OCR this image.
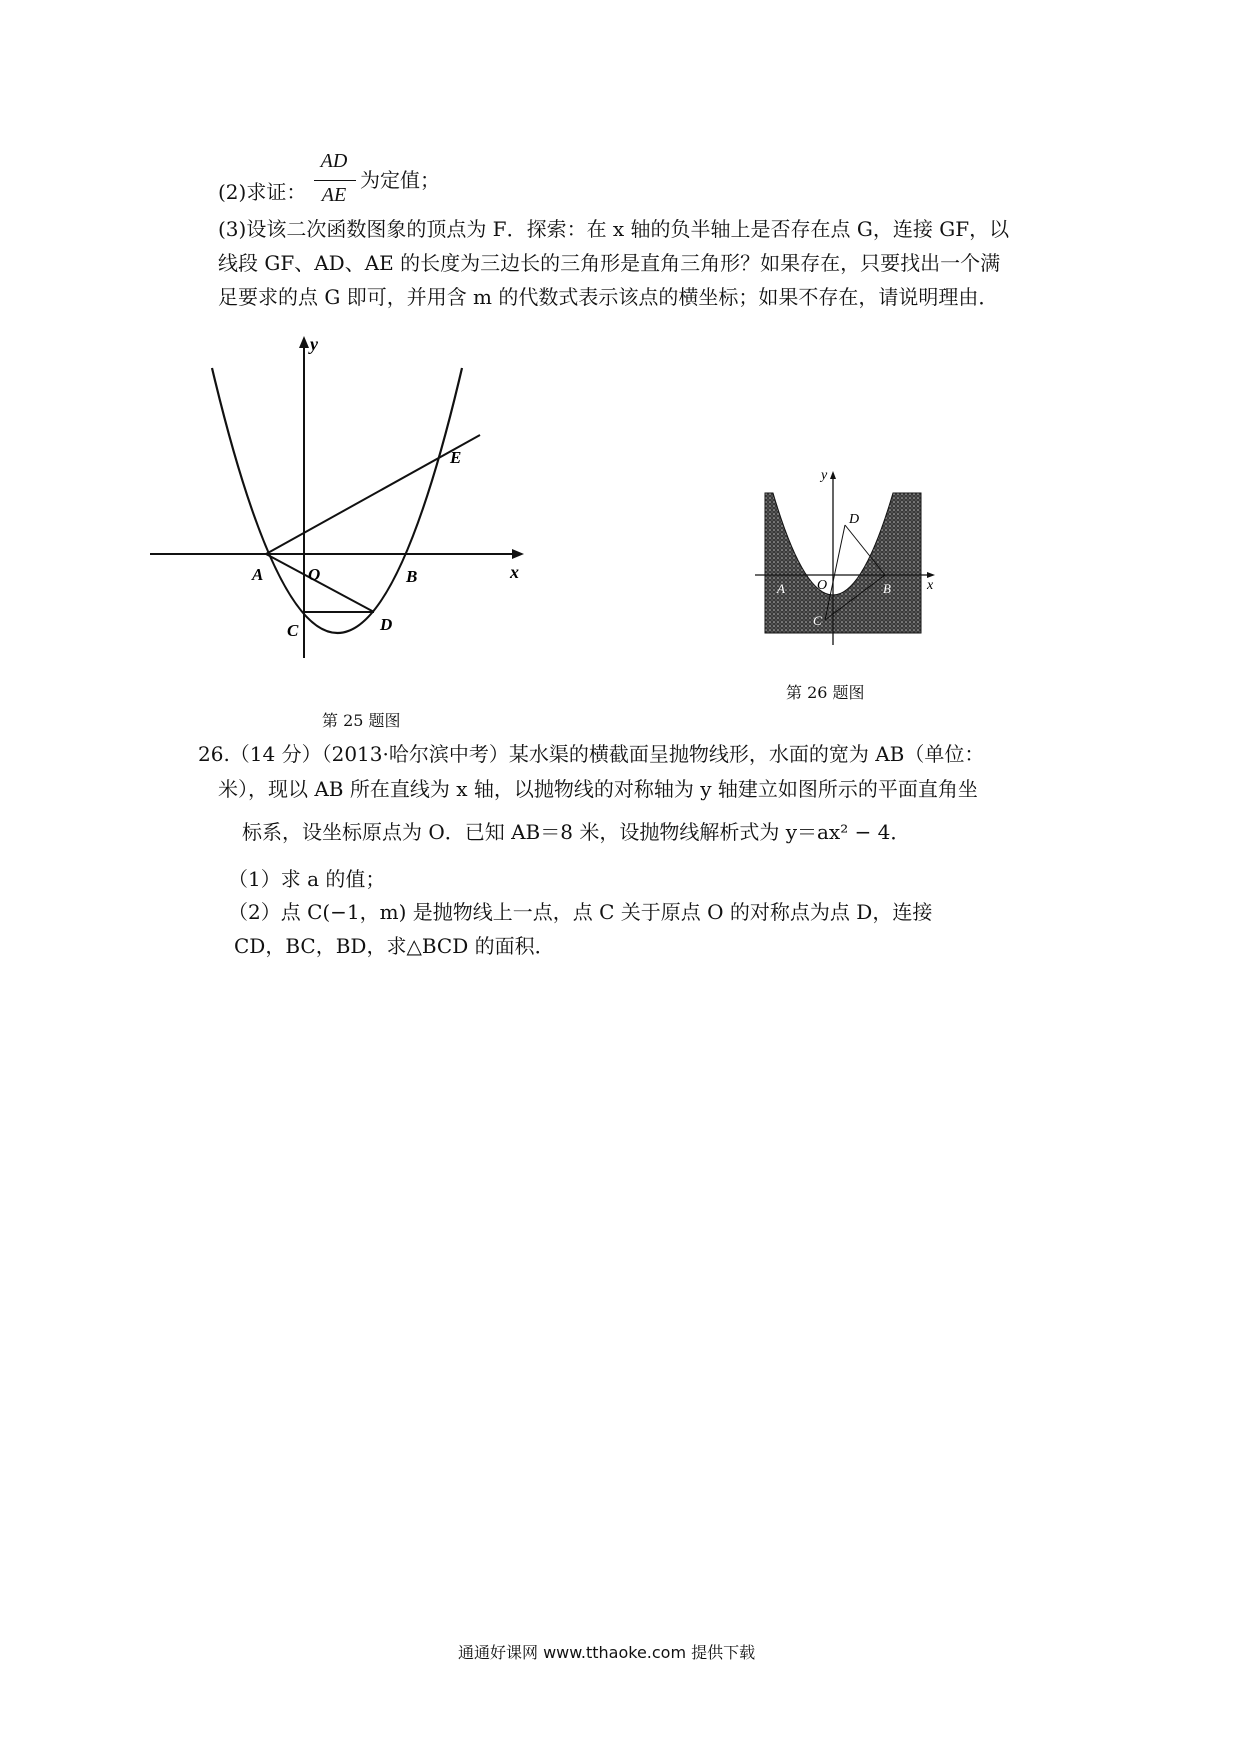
(2)求证：
AD
AE
为定值；
(3)设该二次函数图象的顶点为 F．探索：在 x 轴的负半轴上是否存在点 G，连接 GF，以
线段 GF、AD、AE 的长度为三边长的三角形是直角三角形？如果存在，只要找出一个满
足要求的点 G 即可，并用含 m 的代数式表示该点的横坐标；如果不存在，请说明理由．
y
x
A	O	B
C	D
E
第 25 题图
y
x
D
A O	B
C
第 26 题图
26.（14 分）（2013·哈尔滨中考）某水渠的横截面呈抛物线形，水面的宽为 AB（单位：
米），现以 AB 所在直线为 x 轴，以抛物线的对称轴为 y 轴建立如图所示的平面直角坐
标系，设坐标原点为 O．已知 AB＝8 米，设抛物线解析式为 y＝ax² − 4．
（1）求 a 的值；
（2）点 C(−1，m) 是抛物线上一点，点 C 关于原点 O 的对称点为点 D，连接
CD，BC，BD，求△BCD 的面积．
通通好课网 www.tthaoke.com 提供下载
